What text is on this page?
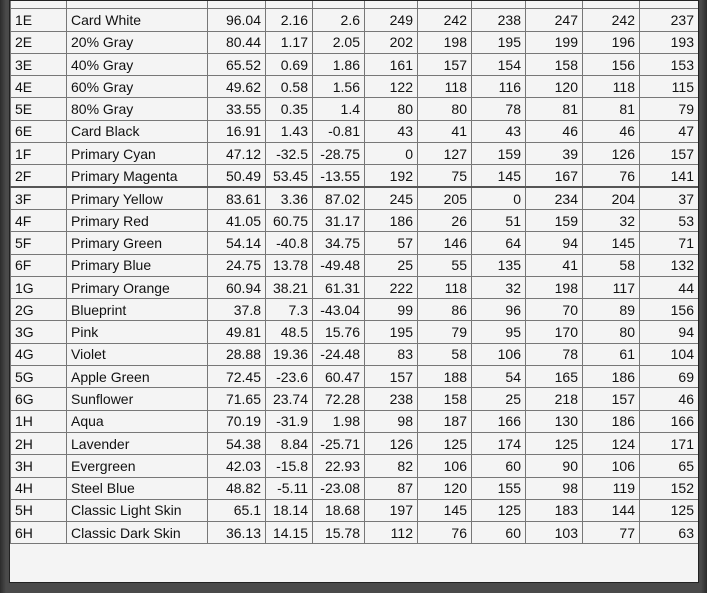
1E	Card White	96.04	2.16	2.6	249	242	238	247	242	237
2E	20% Gray	80.44	1.17	2.05	202	198	195	199	196	193
3E	40% Gray	65.52	0.69	1.86	161	157	154	158	156	153
4E	60% Gray	49.62	0.58	1.56	122	118	116	120	118	115
5E	80% Gray	33.55	0.35	1.4	80	80	78	81	81	79
6E	Card Black	16.91	1.43	-0.81	43	41	43	46	46	47
1F	Primary Cyan	47.12	-32.5	-28.75	0	127	159	39	126	157
2F	Primary Magenta	50.49	53.45	-13.55	192	75	145	167	76	141
3F	Primary Yellow	83.61	3.36	87.02	245	205	0	234	204	37
4F	Primary Red	41.05	60.75	31.17	186	26	51	159	32	53
5F	Primary Green	54.14	-40.8	34.75	57	146	64	94	145	71
6F	Primary Blue	24.75	13.78	-49.48	25	55	135	41	58	132
1G	Primary Orange	60.94	38.21	61.31	222	118	32	198	117	44
2G	Blueprint	37.8	7.3	-43.04	99	86	96	70	89	156
3G	Pink	49.81	48.5	15.76	195	79	95	170	80	94
4G	Violet	28.88	19.36	-24.48	83	58	106	78	61	104
5G	Apple Green	72.45	-23.6	60.47	157	188	54	165	186	69
6G	Sunflower	71.65	23.74	72.28	238	158	25	218	157	46
1H	Aqua	70.19	-31.9	1.98	98	187	166	130	186	166
2H	Lavender	54.38	8.84	-25.71	126	125	174	125	124	171
3H	Evergreen	42.03	-15.8	22.93	82	106	60	90	106	65
4H	Steel Blue	48.82	-5.11	-23.08	87	120	155	98	119	152
5H	Classic Light Skin	65.1	18.14	18.68	197	145	125	183	144	125
6H	Classic Dark Skin	36.13	14.15	15.78	112	76	60	103	77	63
